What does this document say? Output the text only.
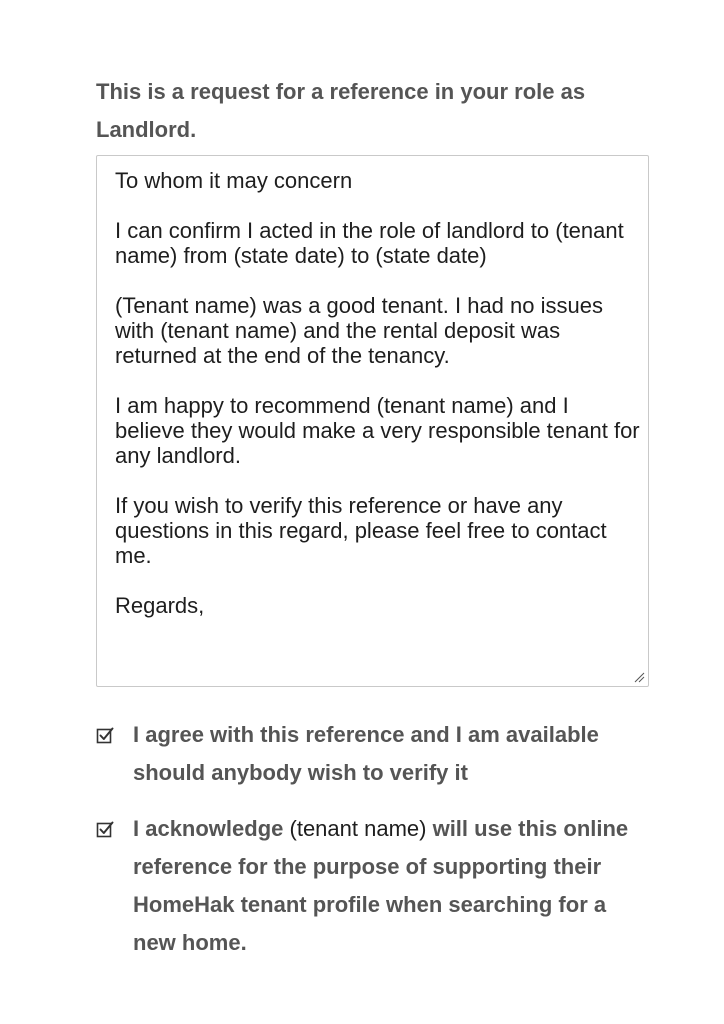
This is a request for a reference in your role as Landlord.

To whom it may concern

I can confirm I acted in the role of landlord to (tenant name) from (state date) to (state date)

(Tenant name) was a good tenant. I had no issues with (tenant name) and the rental deposit was returned at the end of the tenancy.

I am happy to recommend (tenant name) and I believe they would make a very responsible tenant for any landlord.

If you wish to verify this reference or have any questions in this regard, please feel free to contact me.

Regards,

I agree with this reference and I am available should anybody wish to verify it

I acknowledge (tenant name) will use this online reference for the purpose of supporting their HomeHak tenant profile when searching for a new home.
